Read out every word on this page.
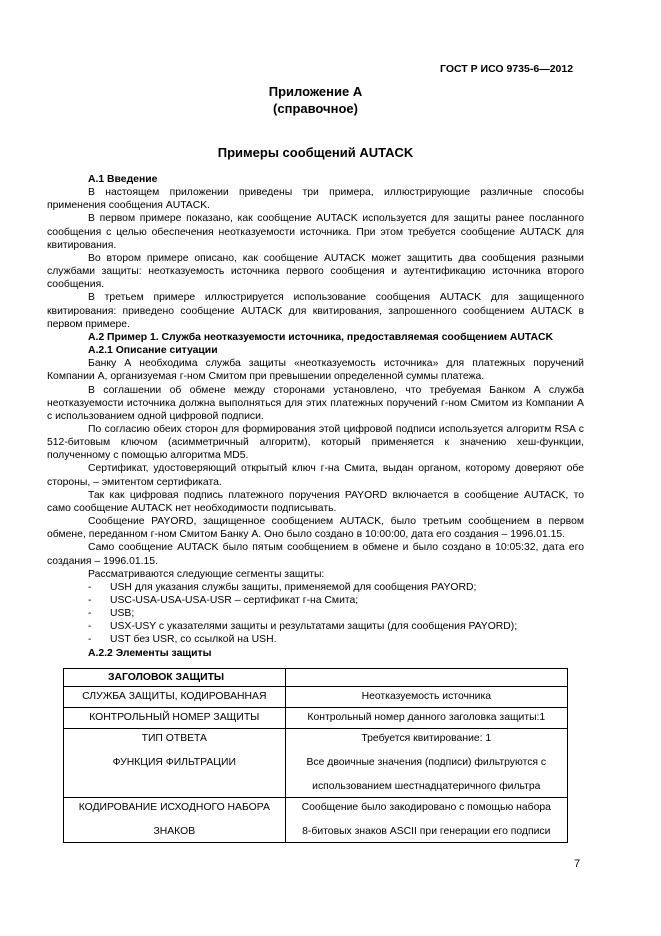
ГОСТ Р ИСО 9735-6—2012
Приложение А
(справочное)
Примеры сообщений AUTACK

А.1 Введение

В настоящем приложении приведены три примера, иллюстрирующие различные способы применения сообщения AUTACK.

В первом примере показано, как сообщение AUTACK используется для защиты ранее посланного сообщения с целью обеспечения неотказуемости источника. При этом требуется сообщение AUTACK для квитирования.

Во втором примере описано, как сообщение AUTACK может защитить два сообщения разными службами защиты: неотказуемость источника первого сообщения и аутентификацию источника второго сообщения.

В третьем примере иллюстрируется использование сообщения AUTACK для защищенного квитирования: приведено сообщение AUTACK для квитирования, запрошенного сообщением AUTACK в первом примере.

А.2 Пример 1. Служба неотказуемости источника, предоставляемая сообщением AUTACK

А.2.1 Описание ситуации

Банку А необходима служба защиты «неотказуемость источника» для платежных поручений Компании А, организуемая г-ном Смитом при превышении определенной суммы платежа.

В соглашении об обмене между сторонами установлено, что требуемая Банком А служба неотказуемости источника должна выполняться для этих платежных поручений г-ном Смитом из Компании А с использованием одной цифровой подписи.

По согласию обеих сторон для формирования этой цифровой подписи используется алгоритм RSA с 512-битовым ключом (асимметричный алгоритм), который применяется к значению хеш-функции, полученному с помощью алгоритма MD5.

Сертификат, удостоверяющий открытый ключ г-на Смита, выдан органом, которому доверяют обе стороны, – эмитентом сертификата.

Так как цифровая подпись платежного поручения PAYORD включается в сообщение AUTACK, то само сообщение AUTACK нет необходимости подписывать.

Сообщение PAYORD, защищенное сообщением AUTACK, было третьим сообщением в первом обмене, переданном г-ном Смитом Банку А. Оно было создано в 10:00:00, дата его создания – 1996.01.15.

Само сообщение AUTACK было пятым сообщением в обмене и было создано в 10:05:32, дата его создания – 1996.01.15.

Рассматриваются следующие сегменты защиты:

- USH для указания службы защиты, применяемой для сообщения PAYORD;
- USC-USA-USA-USA-USR – сертификат г-на Смита;
- USB;
- USX-USY с указателями защиты и результатами защиты (для сообщения PAYORD);
- UST без USR, со ссылкой на USH.

А.2.2 Элементы защиты

ЗАГОЛОВОК ЗАЩИТЫ	

СЛУЖБА ЗАЩИТЫ, КОДИРОВАННАЯ	Неотказуемость источника

КОНТРОЛЬНЫЙ НОМЕР ЗАЩИТЫ	Контрольный номер данного заголовка защиты:1

ТИП ОТВЕТА
ФУНКЦИЯ ФИЛЬТРАЦИИ	Требуется квитирование: 1
Все двоичные значения (подписи) фильтруются с
использованием шестнадцатеричного фильтра

КОДИРОВАНИЕ ИСХОДНОГО НАБОРА
ЗНАКОВ	Сообщение было закодировано с помощью набора
8-битовых знаков ASCII при генерации его подписи
7
